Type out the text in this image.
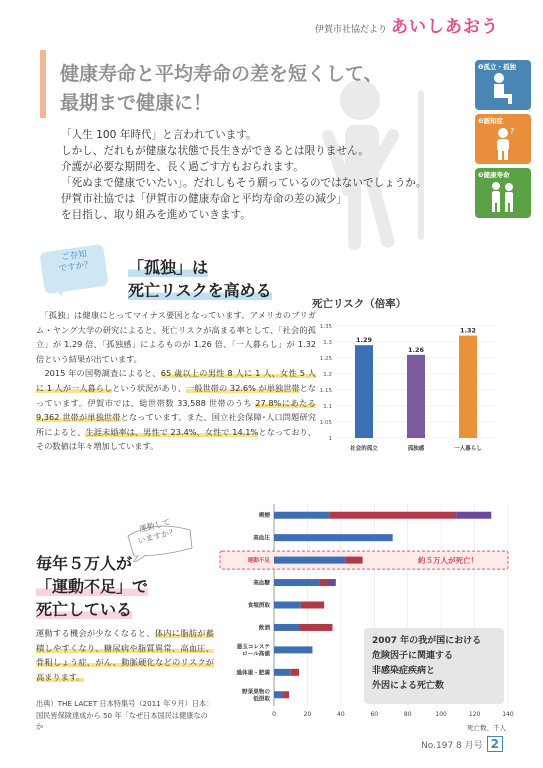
伊賀市社協だより あいしあおう
健康寿命と平均寿命の差を短くして、
最期まで健康に！

「人生 100 年時代」と言われています。

しかし、だれもが健康な状態で長生きができるとは限りません。

介護が必要な期間を、長く過ごす方もおられます。

「死ぬまで健康でいたい」。だれしもそう願っているのではないでしょうか。

伊賀市社協では「伊賀市の健康寿命と平均寿命の差の減少」

を目指し、取り組みを進めていきます。

❶孤立・孤独
❷認知症
?
❸健康寿命
ご存知
ですか？	「孤独」は
死亡リスクを高める

　「孤独」は健康にとってマイナス要因となっています。アメリカのブリガム・ヤング大学の研究によると、死亡リスクが高まる率として、「社会的孤立」が 1.29 倍、「孤独感」によるものが 1.26 倍、「一人暮らし」が 1.32 倍という結果が出ています。

　2015 年の国勢調査によると、65 歳以上の男性 8 人に 1 人、女性 5 人に 1 人が一人暮らしという状況があり、一般世帯の 32.6% が単独世帯となっています。伊賀市では、総世帯数 33,588 世帯のうち 27.8%にあたる 9,362 世帯が単独世帯となっています。また、国立社会保障･人口問題研究所によると、生涯未婚率は、男性で 23.4%、女性で 14.1%となっており、その数値は年々増加しています。

死亡リスク（倍率）
1
1.05
1.1
1.15
1.2
1.25
1.3
1.35
1.29
社会的孤立
1.26
孤独感
1.32
一人暮らし
運動して
いますか？
毎年５万人が
「運動不足」で
死亡している
運動する機会が少なくなると、体内に脂肪が蓄積しやすくなり、糖尿病や脂質異常、高血圧、骨粗しょう症、がん、動脈硬化などのリスクが高まります。
出典）THE LACET 日本特集号（2011 年９月）日本：国民皆保険達成から 50 年「なぜ日本国民は健康なのか
0	20	40	60	80	100	120	140
喫煙
高血圧
約５万人が死亡！
運動不足
高血糖
食塩摂取
飲酒
悪玉コレステ
ロール高値
過体重・肥満
野菜果物の
低摂取
死亡数、千人
2007 年の我が国における
危険因子に関連する
非感染症疾病と
外因による死亡数
No.197 8 月号 2
